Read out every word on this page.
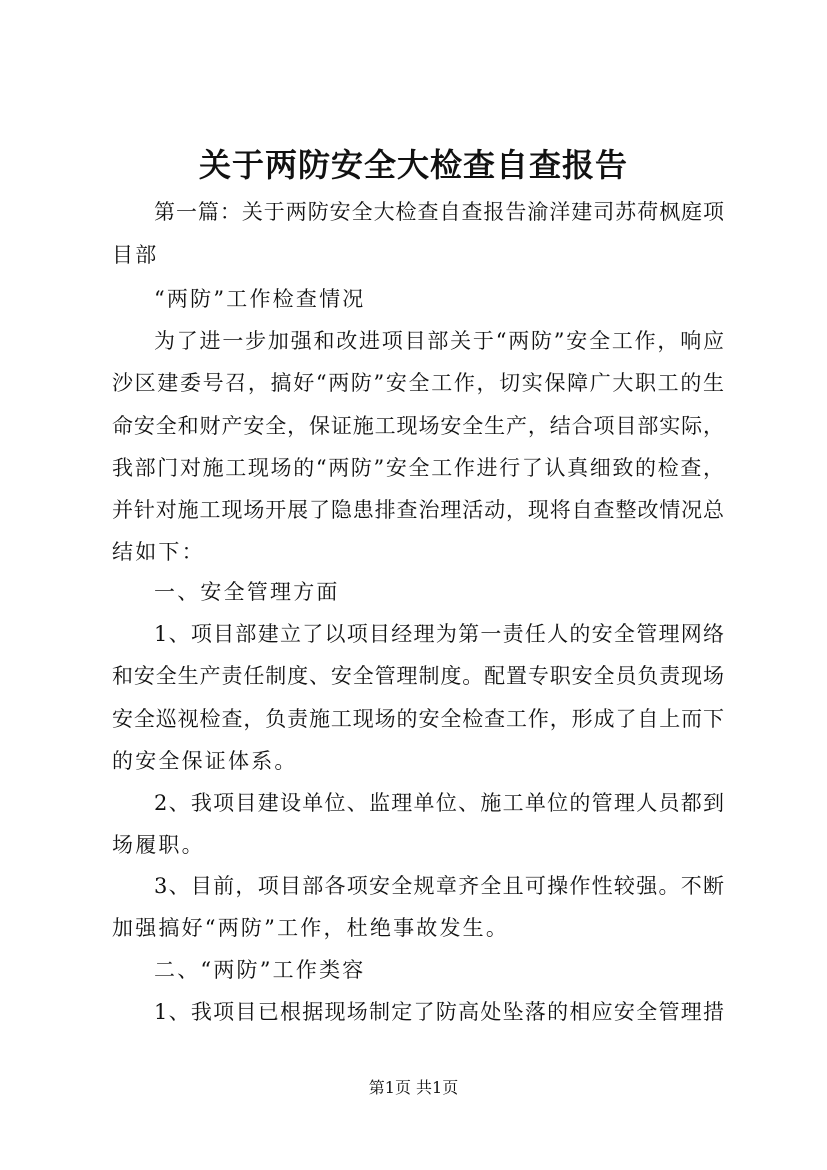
关于两防安全大检查自查报告
第一篇：关于两防安全大检查自查报告渝洋建司苏荷枫庭项
目部
“两防”工作检查情况
为了进一步加强和改进项目部关于“两防”安全工作，响应
沙区建委号召，搞好“两防”安全工作，切实保障广大职工的生
命安全和财产安全，保证施工现场安全生产，结合项目部实际，
我部门对施工现场的“两防”安全工作进行了认真细致的检查，
并针对施工现场开展了隐患排查治理活动，现将自查整改情况总
结如下：
一、安全管理方面
1、项目部建立了以项目经理为第一责任人的安全管理网络
和安全生产责任制度、安全管理制度。配置专职安全员负责现场
安全巡视检查，负责施工现场的安全检查工作，形成了自上而下
的安全保证体系。
2、我项目建设单位、监理单位、施工单位的管理人员都到
场履职。
3、目前，项目部各项安全规章齐全且可操作性较强。不断
加强搞好“两防”工作，杜绝事故发生。
二、“两防”工作类容
1、我项目已根据现场制定了防高处坠落的相应安全管理措
第1页 共1页
